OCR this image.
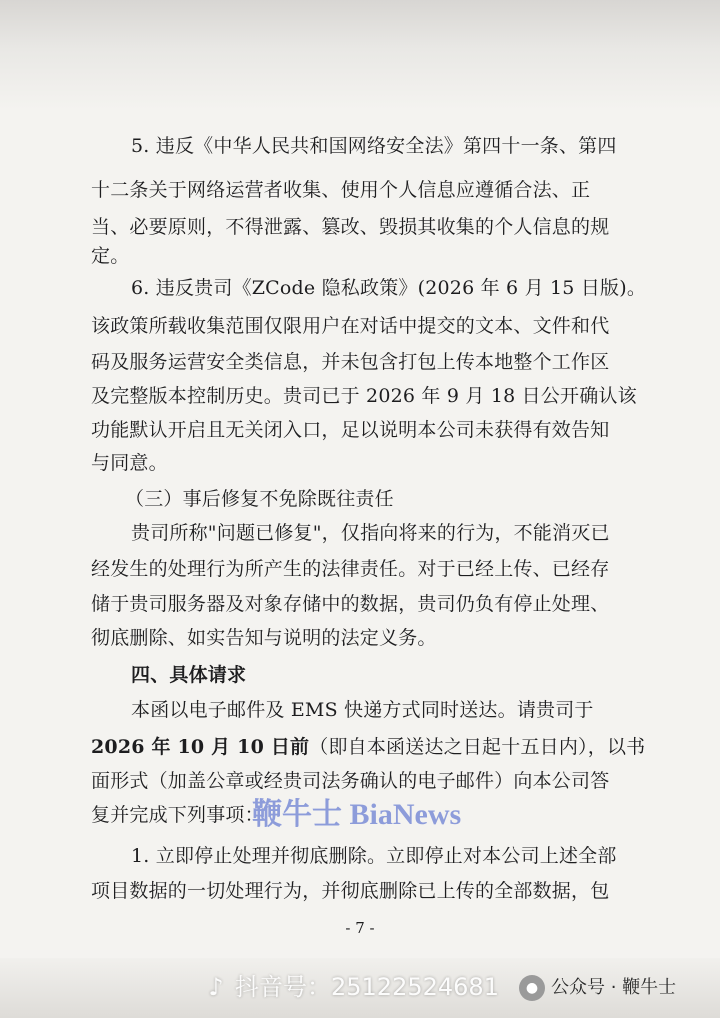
5. 违反《中华人民共和国网络安全法》第四十一条、第四
十二条关于网络运营者收集、使用个人信息应遵循合法、正
当、必要原则，不得泄露、篡改、毁损其收集的个人信息的规
定。
6. 违反贵司《ZCode 隐私政策》(2026 年 6 月 15 日版)。
该政策所载收集范围仅限用户在对话中提交的文本、文件和代
码及服务运营安全类信息，并未包含打包上传本地整个工作区
及完整版本控制历史。贵司已于 2026 年 9 月 18 日公开确认该
功能默认开启且无关闭入口，足以说明本公司未获得有效告知
与同意。
（三）事后修复不免除既往责任
贵司所称"问题已修复"，仅指向将来的行为，不能消灭已
经发生的处理行为所产生的法律责任。对于已经上传、已经存
储于贵司服务器及对象存储中的数据，贵司仍负有停止处理、
彻底删除、如实告知与说明的法定义务。
四、具体请求
本函以电子邮件及 EMS 快递方式同时送达。请贵司于
2026 年 10 月 10 日前（即自本函送达之日起十五日内），以书
面形式（加盖公章或经贵司法务确认的电子邮件）向本公司答
复并完成下列事项：
1. 立即停止处理并彻底删除。立即停止对本公司上述全部
项目数据的一切处理行为，并彻底删除已上传的全部数据，包
鞭牛士 BiaNews
- 7 -
♪ 抖音号：25122524681	● 公众号 · 鞭牛士
